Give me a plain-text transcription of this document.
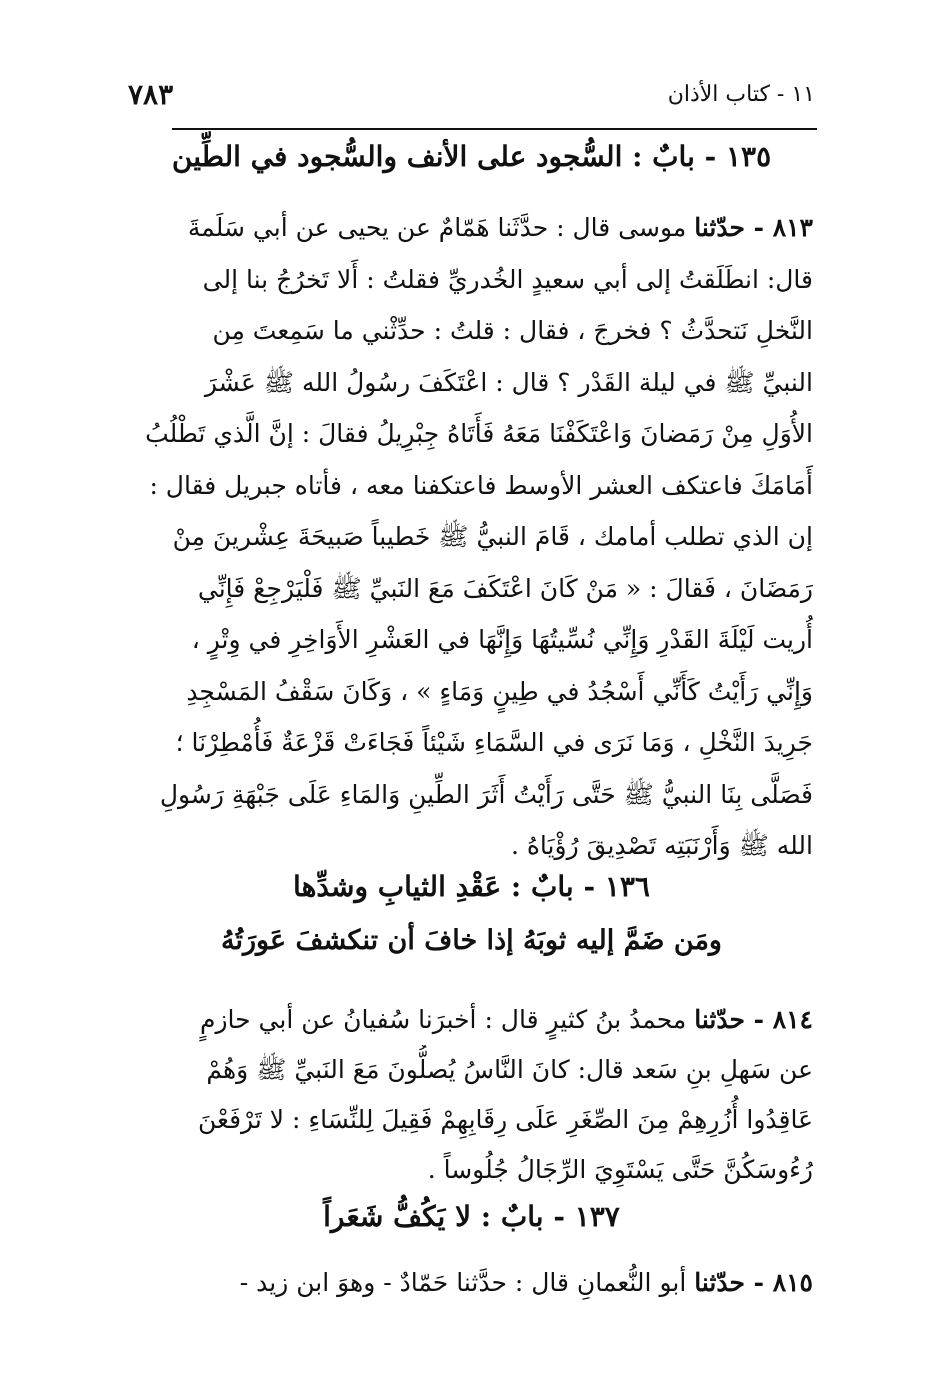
١١ - كتاب الأذان
٧٨٣
١٣٥ - بابٌ : السُّجود على الأنف والسُّجود في الطِّين
٨١٣ - حدّثنا موسى قال : حدَّثَنا هَمّامٌ عن يحيى عن أبي سَلَمةَ
قال: انطَلَقتُ إلى أبي سعيدٍ الخُدريِّ فقلتُ : أَلا تَخرُجُ بنا إلى
النَّخلِ نَتحدَّثُ ؟ فخرجَ ، فقال : قلتُ : حدِّثْني ما سَمِعتَ مِن
النبيِّ ﷺ في ليلة القَدْر ؟ قال : اعْتَكَفَ رسُولُ الله ﷺ عَشْرَ
الأُوَلِ مِنْ رَمَضانَ وَاعْتَكَفْنَا مَعَهُ فَأَتَاهُ جِبْرِيلُ فقالَ : إنَّ الَّذي تَطْلُبُ
أَمَامَكَ فاعتكف العشر الأوسط فاعتكفنا معه ، فأتاه جبريل فقال :
إن الذي تطلب أمامك ، قَامَ النبيُّ ﷺ خَطيباً صَبيحَةَ عِشْرينَ مِنْ
رَمَضَانَ ، فَقالَ : « مَنْ كَانَ اعْتَكَفَ مَعَ النَبيِّ ﷺ فَلْيَرْجِعْ فَإِنِّي
أُريت لَيْلَةَ القَدْرِ وَإِنِّي نُسِّيتُهَا وَإِنَّهَا في العَشْرِ الأَوَاخِرِ في وِتْرٍ ،
وَإِنِّي رَأَيْتُ كَأَنِّي أَسْجُدُ في طِينٍ وَمَاءٍ » ، وَكَانَ سَقْفُ المَسْجِدِ
جَرِيدَ النَّخْلِ ، وَمَا نَرَى في السَّمَاءِ شَيْئاً فَجَاءَتْ قَزْعَةٌ فَأُمْطِرْنَا ؛
فَصَلَّى بِنَا النبيُّ ﷺ حَتَّى رَأَيْتُ أَثَرَ الطِّينِ وَالمَاءِ عَلَى جَبْهَةِ رَسُولِ
الله ﷺ وَأَرْنَبَتِه تَصْدِيقَ رُؤْيَاهُ .
١٣٦ - بابٌ : عَقْدِ الثيابِ وشدِّها
ومَن ضَمَّ إليه ثوبَهُ إذا خافَ أن تنكشفَ عَورَتُهُ
٨١٤ - حدّثنا محمدُ بنُ كثيرٍ قال : أخبرَنا سُفيانُ عن أبي حازمٍ
عن سَهلِ بنِ سَعد قال: كانَ النَّاسُ يُصلُّونَ مَعَ النَبيِّ ﷺ وَهُمْ
عَاقِدُوا أُزُرِهِمْ مِنَ الصِّغَرِ عَلَى رِقَابِهِمْ فَقِيلَ لِلنِّسَاءِ : لا تَرْفَعْنَ
رُءُوسَكُنَّ حَتَّى يَسْتَوِيَ الرِّجَالُ جُلُوساً .
١٣٧ - بابٌ : لا يَكُفُّ شَعَراً
٨١٥ - حدّثنا أبو النُّعمانِ قال : حدَّثنا حَمّادٌ - وهوَ ابن زيد -
